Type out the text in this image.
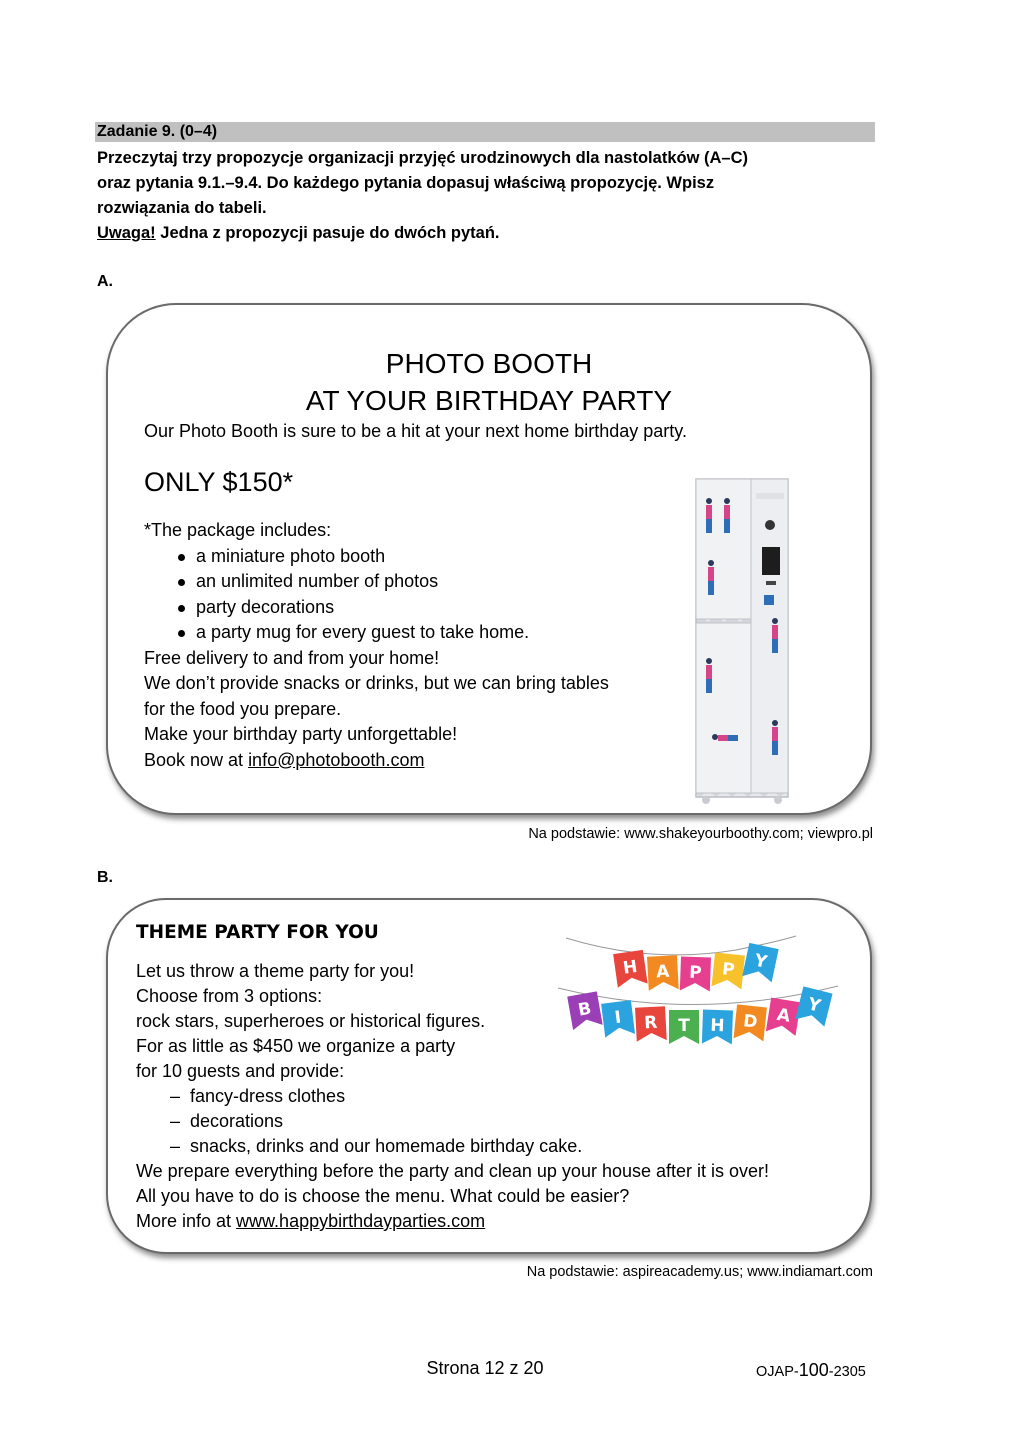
Zadanie 9. (0–4)
Przeczytaj trzy propozycje organizacji przyjęć urodzinowych dla nastolatków (A–C)
oraz pytania 9.1.–9.4. Do każdego pytania dopasuj właściwą propozycję. Wpisz
rozwiązania do tabeli.
Uwaga! Jedna z propozycji pasuje do dwóch pytań.
A.
PHOTO BOOTH
AT YOUR BIRTHDAY PARTY
Our Photo Booth is sure to be a hit at your next home birthday party.
ONLY $150*
*The package includes:
a miniature photo booth
an unlimited number of photos
party decorations
a party mug for every guest to take home.
Free delivery to and from your home!
We don’t provide snacks or drinks, but we can bring tables
for the food you prepare.
Make your birthday party unforgettable!
Book now at info@photobooth.com
Na podstawie: www.shakeyourboothy.com; viewpro.pl
B.
THEME PARTY FOR YOU
Let us throw a theme party for you!
Choose from 3 options:
rock stars, superheroes or historical figures.
For as little as $450 we organize a party
for 10 guests and provide:
– fancy-dress clothes
– decorations
– snacks, drinks and our homemade birthday cake.
We prepare everything before the party and clean up your house after it is over!
All you have to do is choose the menu. What could be easier?
More info at www.happybirthdayparties.com
H A P P Y
B I R T H D A Y
Na podstawie: aspireacademy.us; www.indiamart.com
Strona 12 z 20	OJAP-100-2305
